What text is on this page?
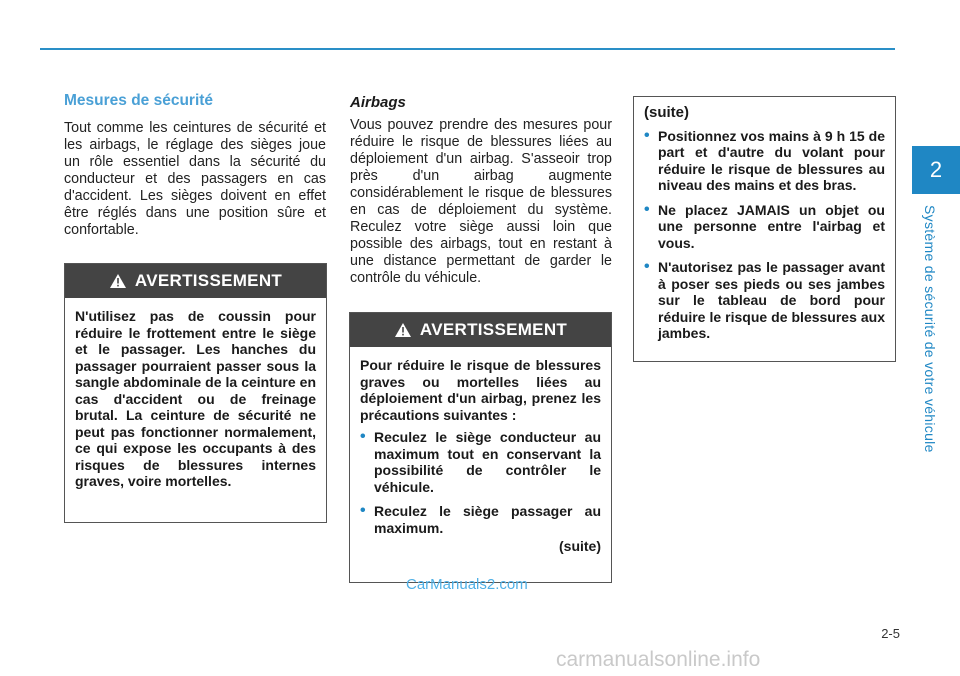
2
Système de sécurité de votre véhicule
Mesures de sécurité

Tout comme les ceintures de sécurité et les airbags, le réglage des sièges joue un rôle essentiel dans la sécurité du conducteur et des passagers en cas d'accident. Les sièges doivent en effet être réglés dans une position sûre et confortable.

AVERTISSEMENT
N'utilisez pas de coussin pour réduire le frottement entre le siège et le passager. Les hanches du passager pourraient passer sous la sangle abdominale de la ceinture en cas d'accident ou de freinage brutal. La ceinture de sécurité ne peut pas fonctionner normalement, ce qui expose les occupants à des risques de blessures internes graves, voire mortelles.
Airbags

Vous pouvez prendre des mesures pour réduire le risque de blessures liées au déploiement d'un airbag. S'asseoir trop près d'un airbag augmente considérablement le risque de blessures en cas de déploiement du système. Reculez votre siège aussi loin que possible des airbags, tout en restant à une distance permettant de garder le contrôle du véhicule.

AVERTISSEMENT
Pour réduire le risque de blessures graves ou mortelles liées au déploiement d'un airbag, prenez les précautions suivantes :
• Reculez le siège conducteur au maximum tout en conservant la possibilité de contrôler le véhicule.
• Reculez le siège passager au maximum.
(suite)
(suite)
• Positionnez vos mains à 9 h 15 de part et d'autre du volant pour réduire le risque de blessures au niveau des mains et des bras.
• Ne placez JAMAIS un objet ou une personne entre l'airbag et vous.
• N'autorisez pas le passager avant à poser ses pieds ou ses jambes sur le tableau de bord pour réduire le risque de blessures aux jambes.
2-5
CarManuals2.com
carmanualsonline.info
